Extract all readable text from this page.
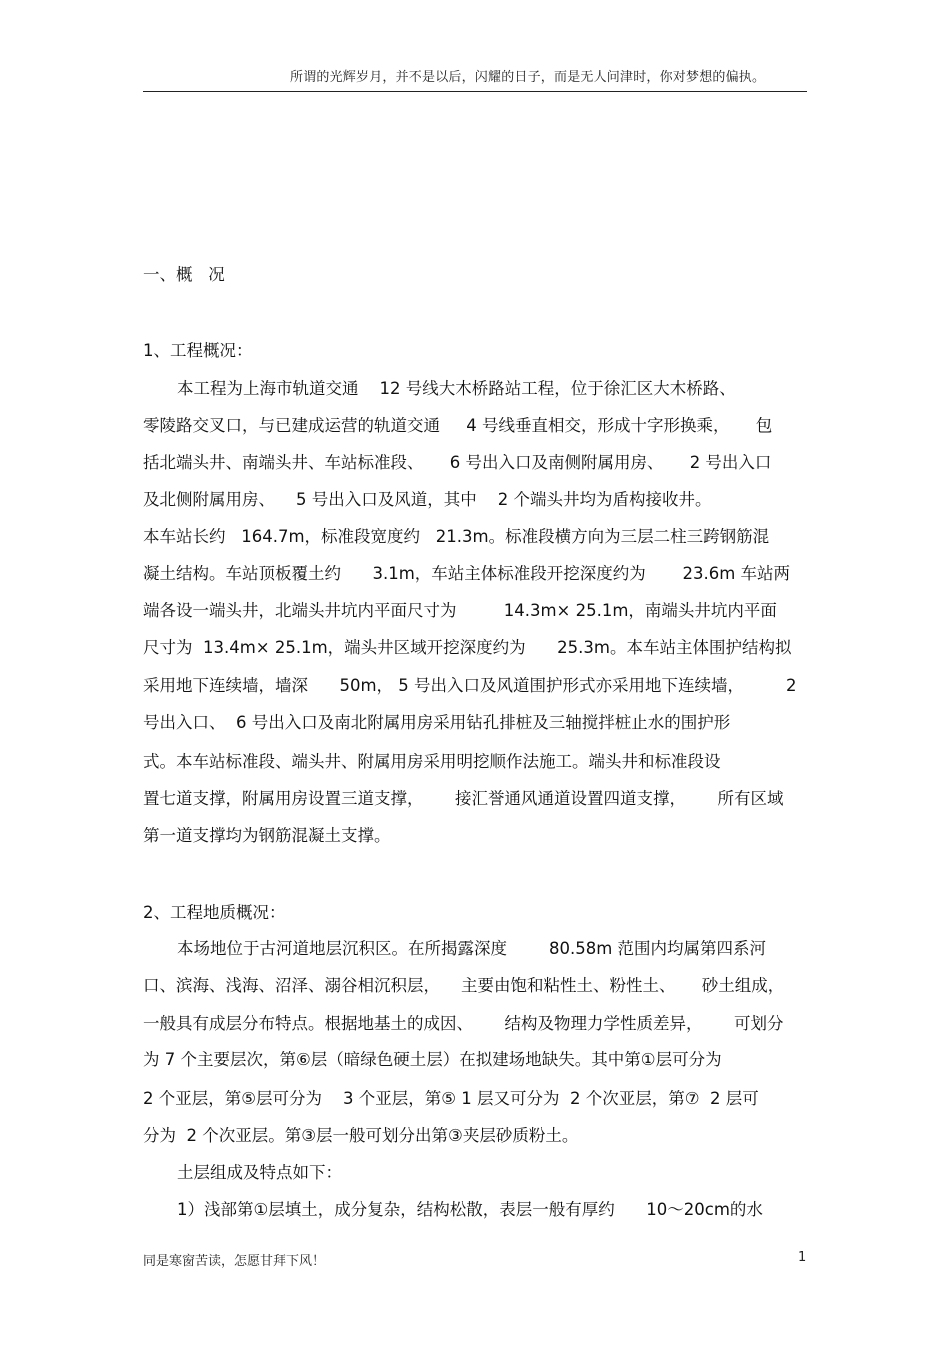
所谓的光辉岁月，并不是以后，闪耀的日子，而是无人问津时，你对梦想的偏执。
一、概   况
1、工程概况：
本工程为上海市轨道交通    12 号线大木桥路站工程，位于徐汇区大木桥路、
零陵路交叉口，与已建成运营的轨道交通     4 号线垂直相交，形成十字形换乘，     包
括北端头井、南端头井、车站标准段、     6 号出入口及南侧附属用房、     2 号出入口
及北侧附属用房、    5 号出入口及风道，其中    2 个端头井均为盾构接收井。
本车站长约   164.7m，标准段宽度约   21.3m。标准段横方向为三层二柱三跨钢筋混
凝土结构。车站顶板覆土约      3.1m，车站主体标准段开挖深度约为       23.6m 车站两
端各设一端头井，北端头井坑内平面尺寸为         14.3m× 25.1m，南端头井坑内平面
尺寸为  13.4m× 25.1m，端头井区域开挖深度约为      25.3m。本车站主体围护结构拟
采用地下连续墙，墙深      50m， 5 号出入口及风道围护形式亦采用地下连续墙，        2
号出入口、  6 号出入口及南北附属用房采用钻孔排桩及三轴搅拌桩止水的围护形
式。本车站标准段、端头井、附属用房采用明挖顺作法施工。端头井和标准段设
置七道支撑，附属用房设置三道支撑，      接汇誉通风通道设置四道支撑，      所有区域
第一道支撑均为钢筋混凝土支撑。
2、工程地质概况：
本场地位于古河道地层沉积区。在所揭露深度        80.58m 范围内均属第四系河
口、滨海、浅海、沼泽、溺谷相沉积层，    主要由饱和粘性土、粉性土、     砂土组成，
一般具有成层分布特点。根据地基土的成因、      结构及物理力学性质差异，      可划分
为 7 个主要层次，第⑥层（暗绿色硬土层）在拟建场地缺失。其中第①层可分为
2 个亚层，第⑤层可分为    3 个亚层，第⑤ 1 层又可分为  2 个次亚层，第⑦  2 层可
分为  2 个次亚层。第③层一般可划分出第③夹层砂质粉土。
土层组成及特点如下：
1）浅部第①层填土，成分复杂，结构松散，表层一般有厚约      10～20cm的水
同是寒窗苦读，怎愿甘拜下风！	1
